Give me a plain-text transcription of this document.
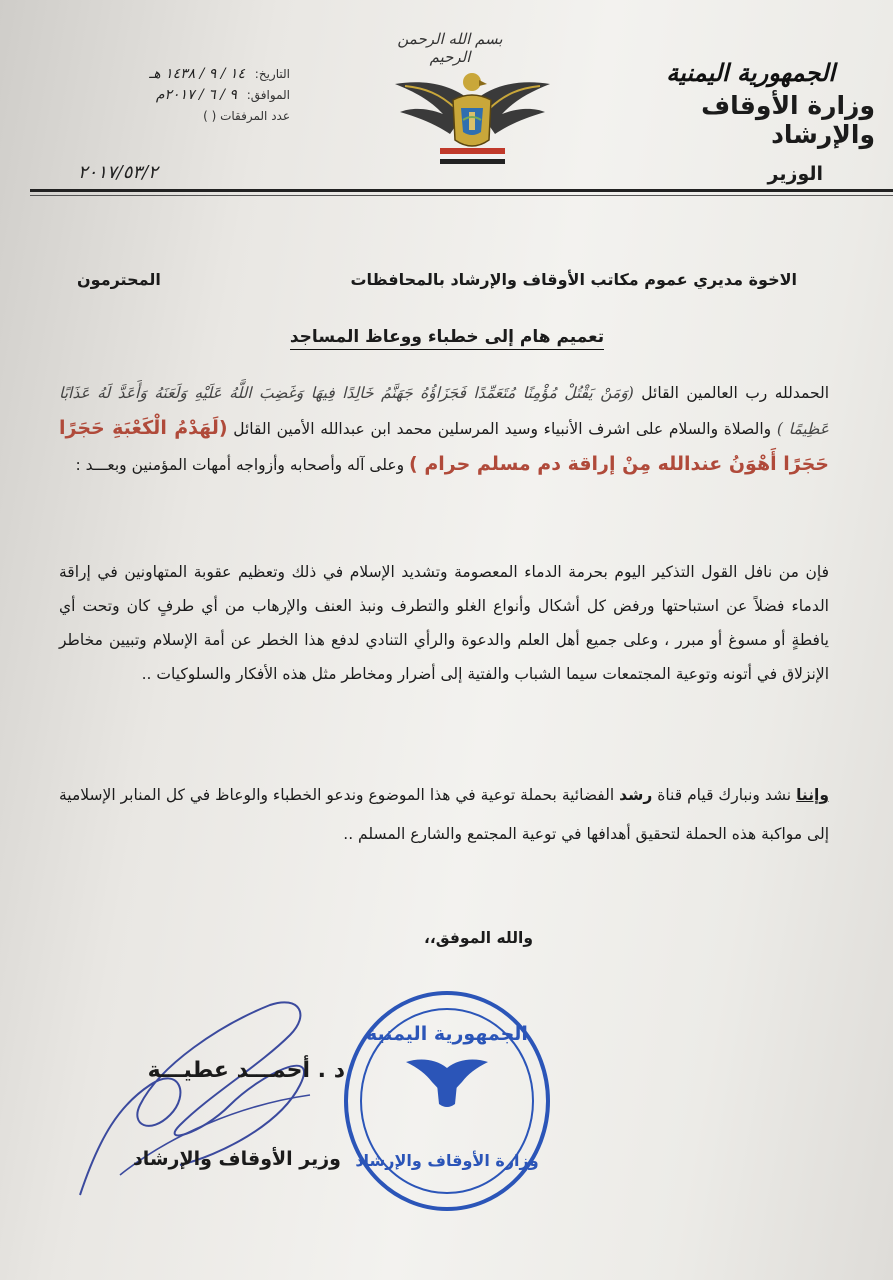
الجمهورية اليمنية
وزارة الأوقاف والإرشاد
الوزير
بسم الله الرحمن الرحيم
التاريخ: ١٤ / ٩ / ١٤٣٨ هـ
الموافق: ٩ / ٦ / ٢٠١٧م
عدد المرفقات ( )
٢٠١٧/٥٣/٢
الاخوة مديري عموم مكاتب الأوقاف والإرشاد بالمحافظات
المحترمون
تعميم هام إلى خطباء ووعاظ المساجد
الحمدلله رب العالمين القائل (وَمَنْ يَقْتُلْ مُؤْمِنًا مُتَعَمِّدًا فَجَزَاؤُهُ جَهَنَّمُ خَالِدًا فِيهَا وَغَضِبَ اللَّهُ عَلَيْهِ وَلَعَنَهُ وَأَعَدَّ لَهُ عَذَابًا عَظِيمًا ) والصلاة والسلام على اشرف الأنبياء وسيد المرسلين محمد ابن عبدالله الأمين القائل (لَهَدْمُ الْكَعْبَةِ حَجَرًا حَجَرًا أَهْوَنُ عندالله مِنْ إراقة دم مسلم حرام ) وعلى آله وأصحابه وأزواجه أمهات المؤمنين وبعـــد :
فإن من نافل القول التذكير اليوم بحرمة الدماء المعصومة وتشديد الإسلام في ذلك وتعظيم عقوبة المتهاونين في إراقة الدماء فضلاً عن استباحتها ورفض كل أشكال وأنواع الغلو والتطرف ونبذ العنف والإرهاب من أي طرفٍ كان وتحت أي يافطةٍ أو مسوغ أو مبرر ، وعلى جميع أهل العلم والدعوة والرأي التنادي لدفع هذا الخطر عن أمة الإسلام وتبيين مخاطر الإنزلاق في أتونه وتوعية المجتمعات سيما الشباب والفتية إلى أضرار ومخاطر مثل هذه الأفكار والسلوكيات ..
وإننا نشد ونبارك قيام قناة رشد الفضائية بحملة توعية في هذا الموضوع وندعو الخطباء والوعاظ في كل المنابر الإسلامية إلى مواكبة هذه الحملة لتحقيق أهدافها في توعية المجتمع والشارع المسلم ..
والله الموفق،،
د . أحمـــد عطيـــة
وزير الأوقاف والإرشاد
الجمهورية اليمنية
وزارة الأوقاف والإرشاد
